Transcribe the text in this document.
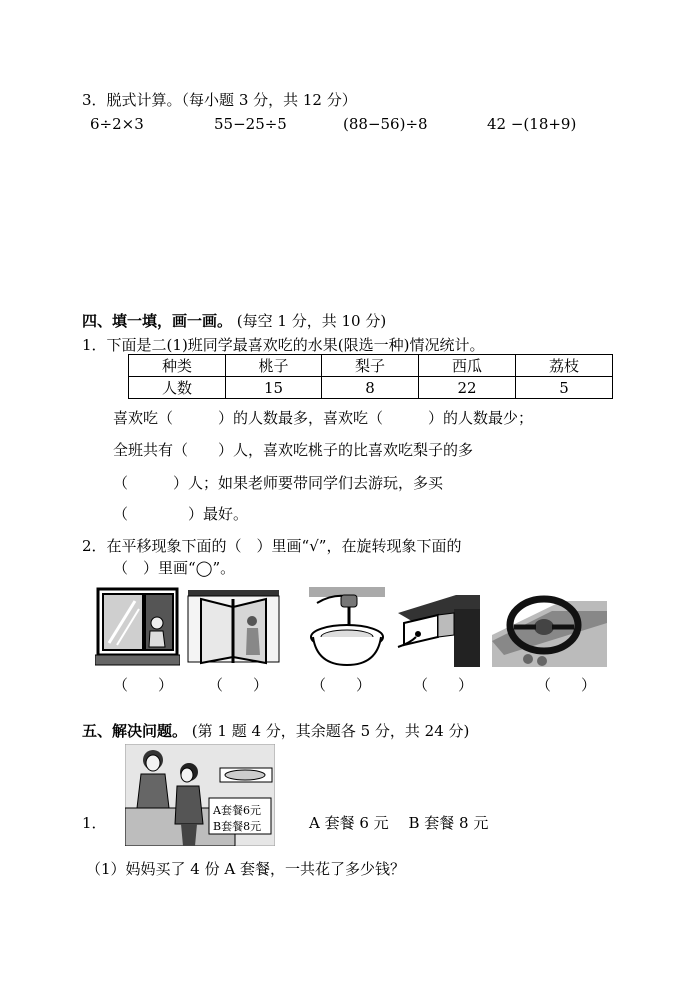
3．脱式计算。（每小题 3 分，共 12 分）
6÷2×3	55−25÷5	(88−56)÷8	42 −(18+9)
四、填一填，画一画。 (每空 1 分，共 10 分)
1．下面是二(1)班同学最喜欢吃的水果(限选一种)情况统计。
种类	桃子	梨子	西瓜	荔枝
人数	15	8	22	5
喜欢吃（　　　）的人数最多，喜欢吃（　　　）的人数最少；
全班共有（　　）人，喜欢吃桃子的比喜欢吃梨子的多
（　　　）人；如果老师要带同学们去游玩，多买
（　　　　）最好。
2．在平移现象下面的（　）里画“√”，在旋转现象下面的
（　）里画“◯”。
（　　） （　　）	（　　）	（　　）	（　　）
五、解决问题。 (第 1 题 4 分，其余题各 5 分，共 24 分)
A套餐6元
B套餐8元
1．	A 套餐 6 元　 B 套餐 8 元
（1）妈妈买了 4 份 A 套餐，一共花了多少钱？
